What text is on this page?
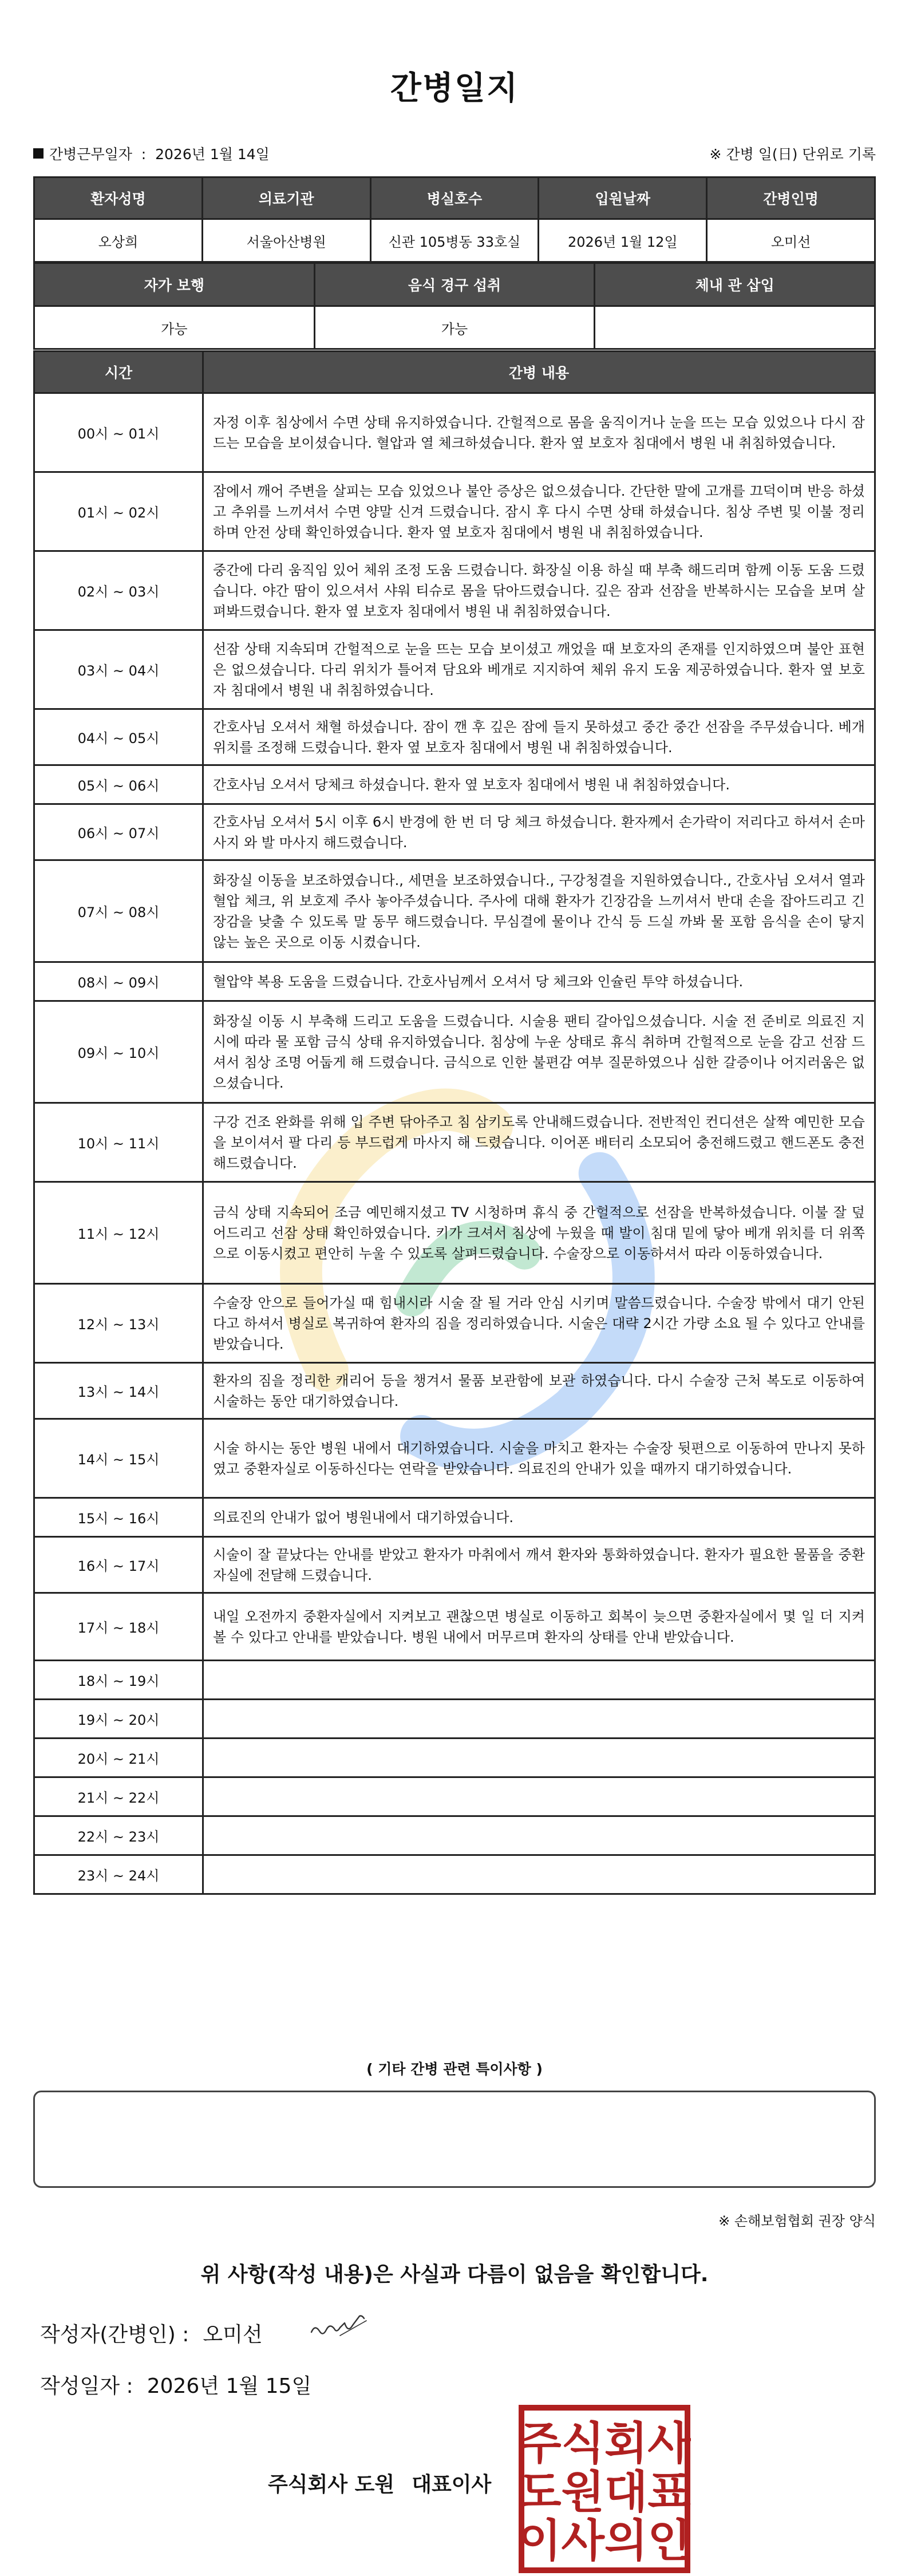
간병일지
간병근무일자  :  2026년 1월 14일	※ 간병 일(日) 단위로 기록
환자성명	의료기관	병실호수	입원날짜	간병인명
오상희	서울아산병원	신관 105병동 33호실	2026년 1월 12일	오미선
자가 보행	음식 경구 섭취	체내 관 삽입
가능	가능	
시간	간병 내용
00시 ~ 01시	자정 이후 침상에서 수면 상태 유지하였습니다. 간헐적으로 몸을 움직이거나 눈을 뜨는 모습 있었으나 다시 잠드는 모습을 보이셨습니다. 혈압과 열 체크하셨습니다. 환자 옆 보호자 침대에서 병원 내 취침하였습니다.
01시 ~ 02시	잠에서 깨어 주변을 살피는 모습 있었으나 불안 증상은 없으셨습니다. 간단한 말에 고개를 끄덕이며 반응 하셨고 추위를 느끼셔서 수면 양말 신겨 드렸습니다. 잠시 후 다시 수면 상태 하셨습니다. 침상 주변 및 이불 정리하며 안전 상태 확인하였습니다. 환자 옆 보호자 침대에서 병원 내 취침하였습니다.
02시 ~ 03시	중간에 다리 움직임 있어 체위 조정 도움 드렸습니다. 화장실 이용 하실 때 부축 해드리며 함께 이동 도움 드렸습니다. 야간 땀이 있으셔서 샤워 티슈로 몸을 닦아드렸습니다. 깊은 잠과 선잠을 반복하시는 모습을 보며 살펴봐드렸습니다. 환자 옆 보호자 침대에서 병원 내 취침하였습니다.
03시 ~ 04시	선잠 상태 지속되며 간헐적으로 눈을 뜨는 모습 보이셨고 깨었을 때 보호자의 존재를 인지하였으며 불안 표현은 없으셨습니다. 다리 위치가 틀어져 담요와 베개로 지지하여 체위 유지 도움 제공하였습니다. 환자 옆 보호자 침대에서 병원 내 취침하였습니다.
04시 ~ 05시	간호사님 오셔서 채혈 하셨습니다. 잠이 깬 후 깊은 잠에 들지 못하셨고 중간 중간 선잠을 주무셨습니다. 베개 위치를 조정해 드렸습니다. 환자 옆 보호자 침대에서 병원 내 취침하였습니다.
05시 ~ 06시	간호사님 오셔서 당체크 하셨습니다. 환자 옆 보호자 침대에서 병원 내 취침하였습니다.
06시 ~ 07시	간호사님 오셔서 5시 이후 6시 반경에 한 번 더 당 체크 하셨습니다. 환자께서 손가락이 저리다고 하셔서 손마사지 와 발 마사지 해드렸습니다.
07시 ~ 08시	화장실 이동을 보조하였습니다., 세면을 보조하였습니다., 구강청결을 지원하였습니다., 간호사님 오셔서 열과 혈압 체크, 위 보호제 주사 놓아주셨습니다. 주사에 대해 환자가 긴장감을 느끼셔서 반대 손을 잡아드리고 긴장감을 낮출 수 있도록 말 동무 해드렸습니다. 무심결에 물이나 간식 등 드실 까봐 물 포함 음식을 손이 닿지 않는 높은 곳으로 이동 시켰습니다.
08시 ~ 09시	혈압약 복용 도움을 드렸습니다. 간호사님께서 오셔서 당 체크와 인슐린 투약 하셨습니다.
09시 ~ 10시	화장실 이동 시 부축해 드리고 도움을 드렸습니다. 시술용 팬티 갈아입으셨습니다. 시술 전 준비로 의료진 지시에 따라 물 포함 금식 상태 유지하였습니다. 침상에 누운 상태로 휴식 취하며 간헐적으로 눈을 감고 선잠 드셔서 침상 조명 어둡게 해 드렸습니다. 금식으로 인한 불편감 여부 질문하였으나 심한 갈증이나 어지러움은 없으셨습니다.
10시 ~ 11시	구강 건조 완화를 위해 입 주변 닦아주고 침 삼키도록 안내해드렸습니다. 전반적인 컨디션은 살짝 예민한 모습을 보이셔서 팔 다리 등 부드럽게 마사지 해 드렸습니다. 이어폰 배터리 소모되어 충전해드렸고 핸드폰도 충전해드렸습니다.
11시 ~ 12시	금식 상태 지속되어 조금 예민해지셨고 TV 시청하며 휴식 중 간헐적으로 선잠을 반복하셨습니다. 이불 잘 덮어드리고 선잠 상태 확인하였습니다. 키가 크셔서 침상에 누웠을 때 발이 침대 밑에 닿아 베개 위치를 더 위쪽으로 이동시켰고 편안히 누울 수 있도록 살펴드렸습니다. 수술장으로 이동하셔서 따라 이동하였습니다.
12시 ~ 13시	수술장 안으로 들어가실 때 힘내시라 시술 잘 될 거라 안심 시키며 말씀드렸습니다. 수술장 밖에서 대기 안된다고 하셔서 병실로 복귀하여 환자의 짐을 정리하였습니다. 시술은 대략 2시간 가량 소요 될 수 있다고 안내를 받았습니다.
13시 ~ 14시	환자의 짐을 정리한 캐리어 등을 챙겨서 물품 보관함에 보관 하였습니다. 다시 수술장 근처 복도로 이동하여 시술하는 동안 대기하였습니다.
14시 ~ 15시	시술 하시는 동안 병원 내에서 대기하였습니다. 시술을 마치고 환자는 수술장 뒷편으로 이동하여 만나지 못하였고 중환자실로 이동하신다는 연락을 받았습니다. 의료진의 안내가 있을 때까지 대기하였습니다.
15시 ~ 16시	의료진의 안내가 없어 병원내에서 대기하였습니다.
16시 ~ 17시	시술이 잘 끝났다는 안내를 받았고 환자가 마취에서 깨셔 환자와 통화하였습니다. 환자가 필요한 물품을 중환자실에 전달해 드렸습니다.
17시 ~ 18시	내일 오전까지 중환자실에서 지켜보고 괜찮으면 병실로 이동하고 회복이 늦으면 중환자실에서 몇 일 더 지켜볼 수 있다고 안내를 받았습니다. 병원 내에서 머무르며 환자의 상태를 안내 받았습니다.
18시 ~ 19시	
19시 ~ 20시	
20시 ~ 21시	
21시 ~ 22시	
22시 ~ 23시	
23시 ~ 24시	
( 기타 간병 관련 특이사항 )
※ 손해보험협회 권장 양식
위 사항(작성 내용)은 사실과 다름이 없음을 확인합니다.
작성자(간병인) : 오미선
작성일자 : 2026년 1월 15일
주식회사 도원 대표이사
주식회사
도원대표
이사의인
